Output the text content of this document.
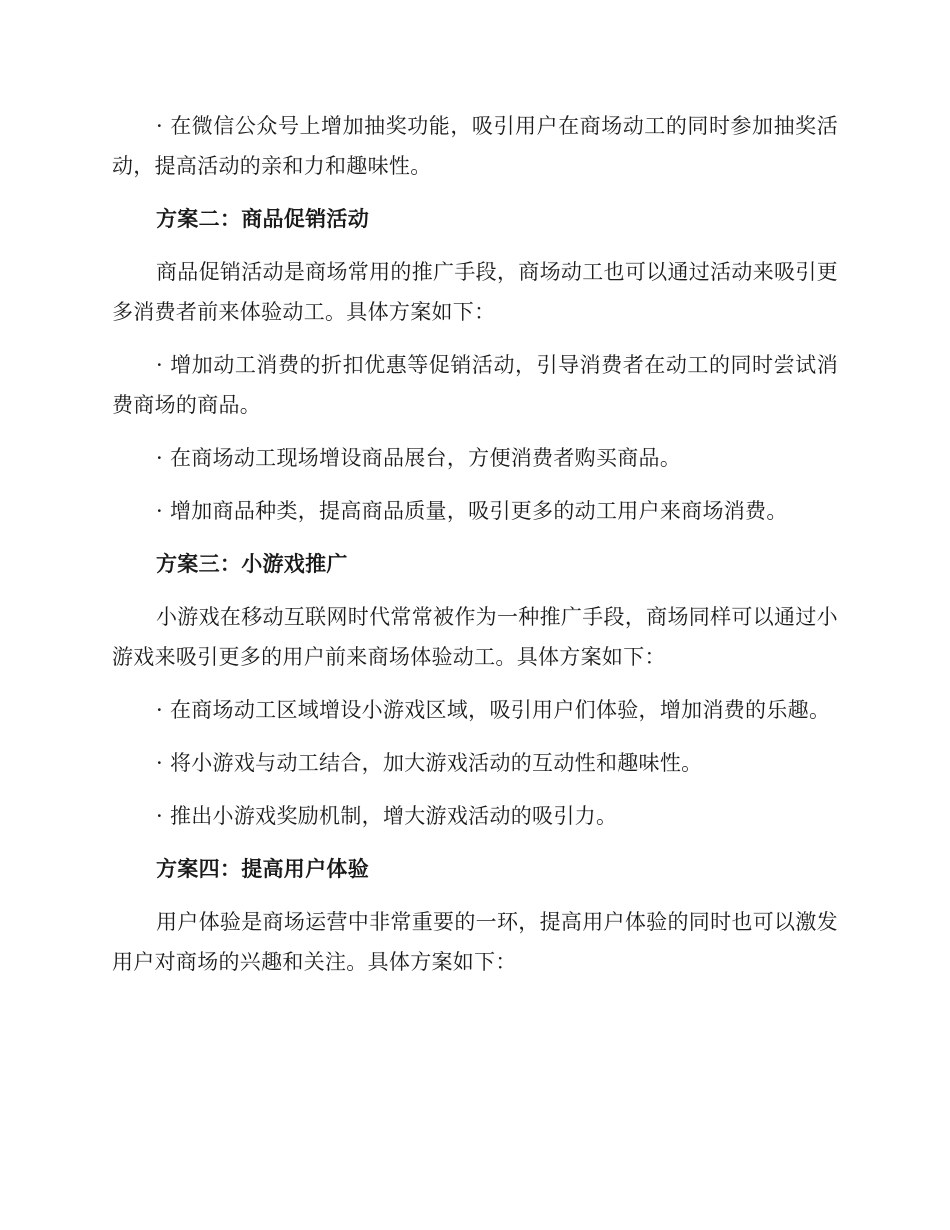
· 在微信公众号上增加抽奖功能，吸引用户在商场动工的同时参加抽奖活动，提高活动的亲和力和趣味性。

方案二：商品促销活动

商品促销活动是商场常用的推广手段，商场动工也可以通过活动来吸引更多消费者前来体验动工。具体方案如下：

· 增加动工消费的折扣优惠等促销活动，引导消费者在动工的同时尝试消费商场的商品。

· 在商场动工现场增设商品展台，方便消费者购买商品。

· 增加商品种类，提高商品质量，吸引更多的动工用户来商场消费。

方案三：小游戏推广

小游戏在移动互联网时代常常被作为一种推广手段，商场同样可以通过小游戏来吸引更多的用户前来商场体验动工。具体方案如下：

· 在商场动工区域增设小游戏区域，吸引用户们体验，增加消费的乐趣。

· 将小游戏与动工结合，加大游戏活动的互动性和趣味性。

· 推出小游戏奖励机制，增大游戏活动的吸引力。

方案四：提高用户体验

用户体验是商场运营中非常重要的一环，提高用户体验的同时也可以激发用户对商场的兴趣和关注。具体方案如下：
